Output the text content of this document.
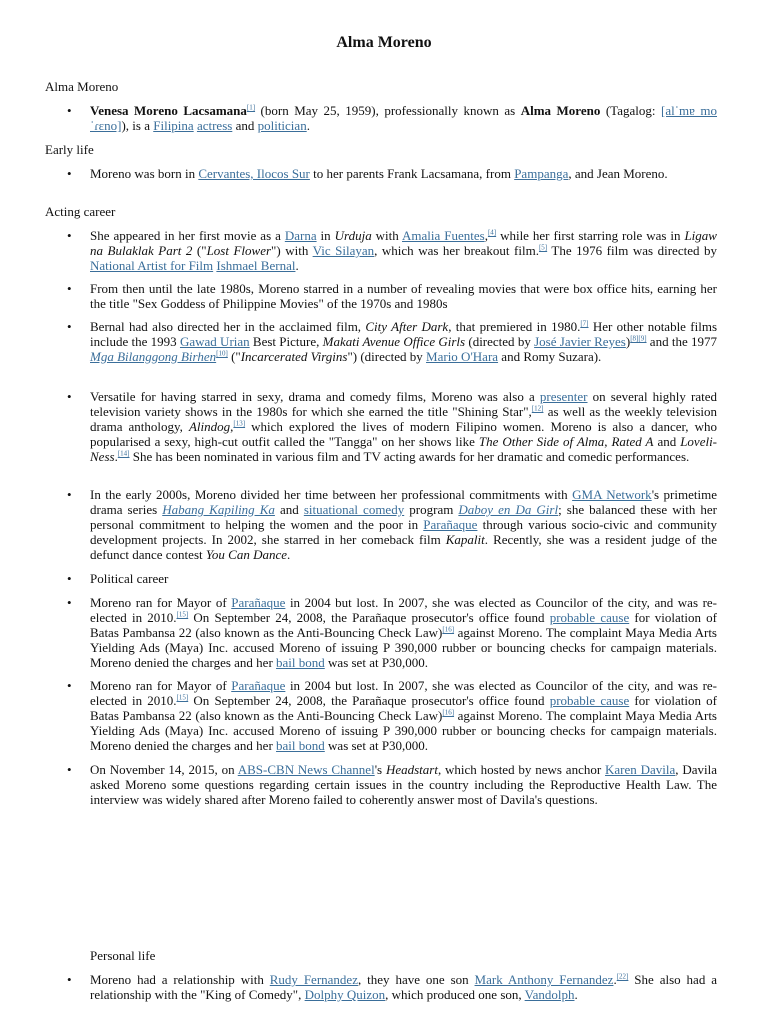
Alma Moreno
Alma Moreno
• Venesa Moreno Lacsamana[1] (born May 25, 1959), professionally known as Alma Moreno (Tagalog: [alˈmɐ moˈɾɛno]), is a Filipina actress and politician.

Early life
• Moreno was born in Cervantes, Ilocos Sur to her parents Frank Lacsamana, from Pampanga, and Jean Moreno.

Acting career
• She appeared in her first movie as a Darna in Urduja with Amalia Fuentes,[4] while her first starring role was in Ligaw na Bulaklak Part 2 ("Lost Flower") with Vic Silayan, which was her breakout film.[5] The 1976 film was directed by National Artist for Film Ishmael Bernal.

• From then until the late 1980s, Moreno starred in a number of revealing movies that were box office hits, earning her the title "Sex Goddess of Philippine Movies" of the 1970s and 1980s

• Bernal had also directed her in the acclaimed film, City After Dark, that premiered in 1980.[7] Her other notable films include the 1993 Gawad Urian Best Picture, Makati Avenue Office Girls (directed by José Javier Reyes)[8][9] and the 1977 Mga Bilanggong Birhen[10] ("Incarcerated Virgins") (directed by Mario O'Hara and Romy Suzara).

• Versatile for having starred in sexy, drama and comedy films, Moreno was also a presenter on several highly rated television variety shows in the 1980s for which she earned the title "Shining Star",[12] as well as the weekly television drama anthology, Alindog,[13] which explored the lives of modern Filipino women. Moreno is also a dancer, who popularised a sexy, high-cut outfit called the "Tangga" on her shows like The Other Side of Alma, Rated A and Loveli-Ness.[14] She has been nominated in various film and TV acting awards for her dramatic and comedic performances.

• In the early 2000s, Moreno divided her time between her professional commitments with GMA Network's primetime drama series Habang Kapiling Ka and situational comedy program Daboy en Da Girl; she balanced these with her personal commitment to helping the women and the poor in Parañaque through various socio-civic and community development projects. In 2002, she starred in her comeback film Kapalit. Recently, she was a resident judge of the defunct dance contest You Can Dance.

• Political career

• Moreno ran for Mayor of Parañaque in 2004 but lost. In 2007, she was elected as Councilor of the city, and was re-elected in 2010.[15] On September 24, 2008, the Parañaque prosecutor's office found probable cause for violation of Batas Pambansa 22 (also known as the Anti-Bouncing Check Law)[16] against Moreno. The complaint Maya Media Arts Yielding Ads (Maya) Inc. accused Moreno of issuing P 390,000 rubber or bouncing checks for campaign materials. Moreno denied the charges and her bail bond was set at P30,000.

• Moreno ran for Mayor of Parañaque in 2004 but lost. In 2007, she was elected as Councilor of the city, and was re-elected in 2010.[15] On September 24, 2008, the Parañaque prosecutor's office found probable cause for violation of Batas Pambansa 22 (also known as the Anti-Bouncing Check Law)[16] against Moreno. The complaint Maya Media Arts Yielding Ads (Maya) Inc. accused Moreno of issuing P 390,000 rubber or bouncing checks for campaign materials. Moreno denied the charges and her bail bond was set at P30,000.

• On November 14, 2015, on ABS-CBN News Channel's Headstart, which hosted by news anchor Karen Davila, Davila asked Moreno some questions regarding certain issues in the country including the Reproductive Health Law. The interview was widely shared after Moreno failed to coherently answer most of Davila's questions.

Personal life

• Moreno had a relationship with Rudy Fernandez, they have one son Mark Anthony Fernandez.[22] She also had a relationship with the "King of Comedy", Dolphy Quizon, which produced one son, Vandolph.
